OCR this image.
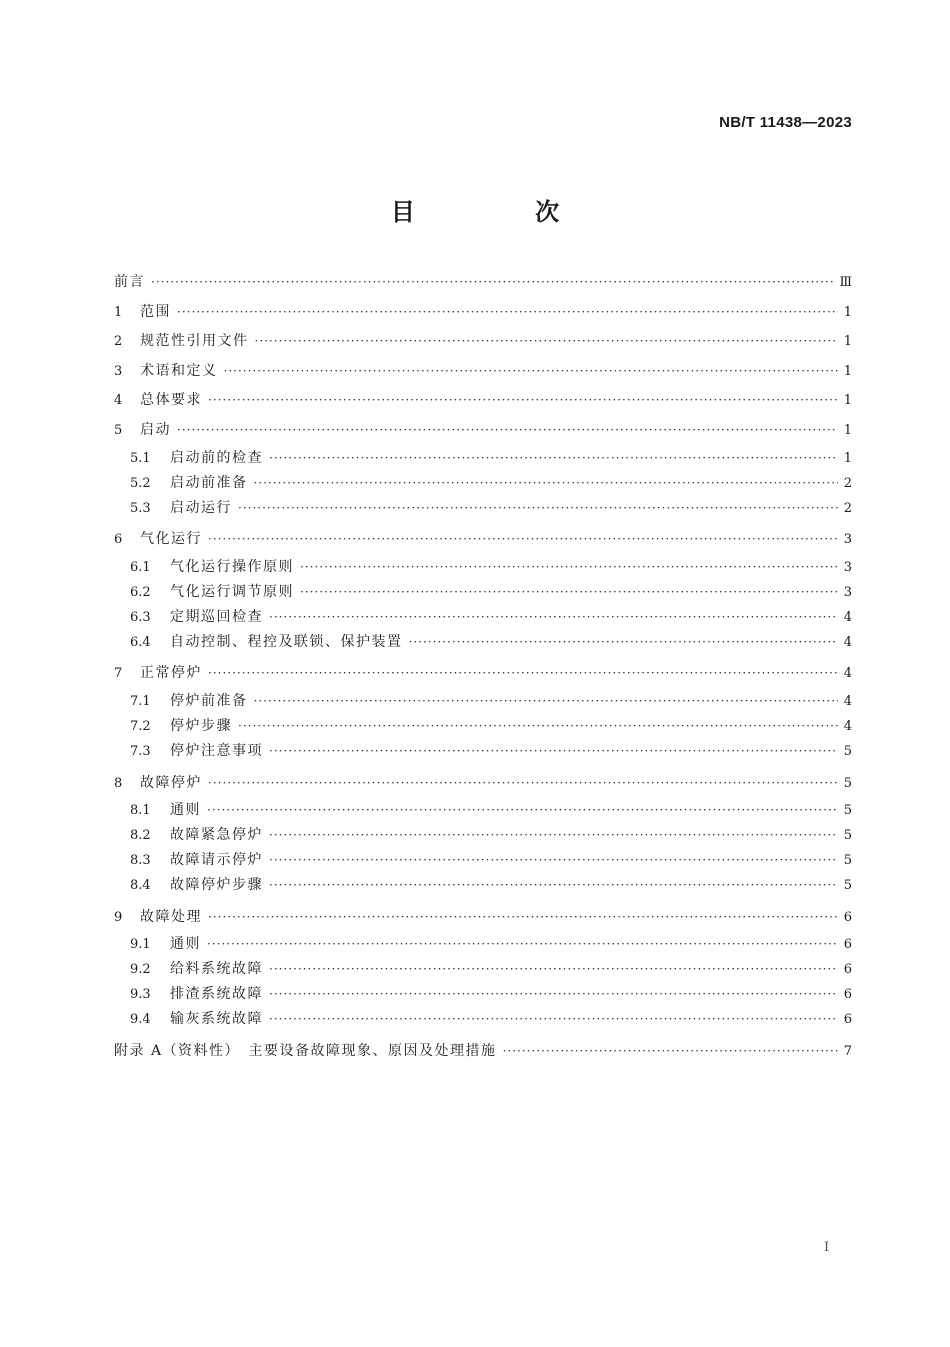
NB/T 11438—2023
目 次
前言 ·····	Ⅲ
1	范围 ·····	1
2	规范性引用文件 ·····	1
3	术语和定义 ·····	1
4	总体要求 ·····	1
5	启动 ·····	1
5.1	启动前的检查 ·····	1
5.2	启动前准备 ·····	2
5.3	启动运行 ·····	2
6	气化运行 ·····	3
6.1	气化运行操作原则 ·····	3
6.2	气化运行调节原则 ·····	3
6.3	定期巡回检查 ·····	4
6.4	自动控制、程控及联锁、保护装置 ·····	4
7	正常停炉 ·····	4
7.1	停炉前准备 ·····	4
7.2	停炉步骤 ·····	4
7.3	停炉注意事项 ·····	5
8	故障停炉 ·····	5
8.1	通则 ·····	5
8.2	故障紧急停炉 ·····	5
8.3	故障请示停炉 ·····	5
8.4	故障停炉步骤 ·····	5
9	故障处理 ·····	6
9.1	通则 ·····	6
9.2	给料系统故障 ·····	6
9.3	排渣系统故障 ·····	6
9.4	输灰系统故障 ·····	6
附录 A（资料性）　主要设备故障现象、原因及处理措施 ·····	7
I
